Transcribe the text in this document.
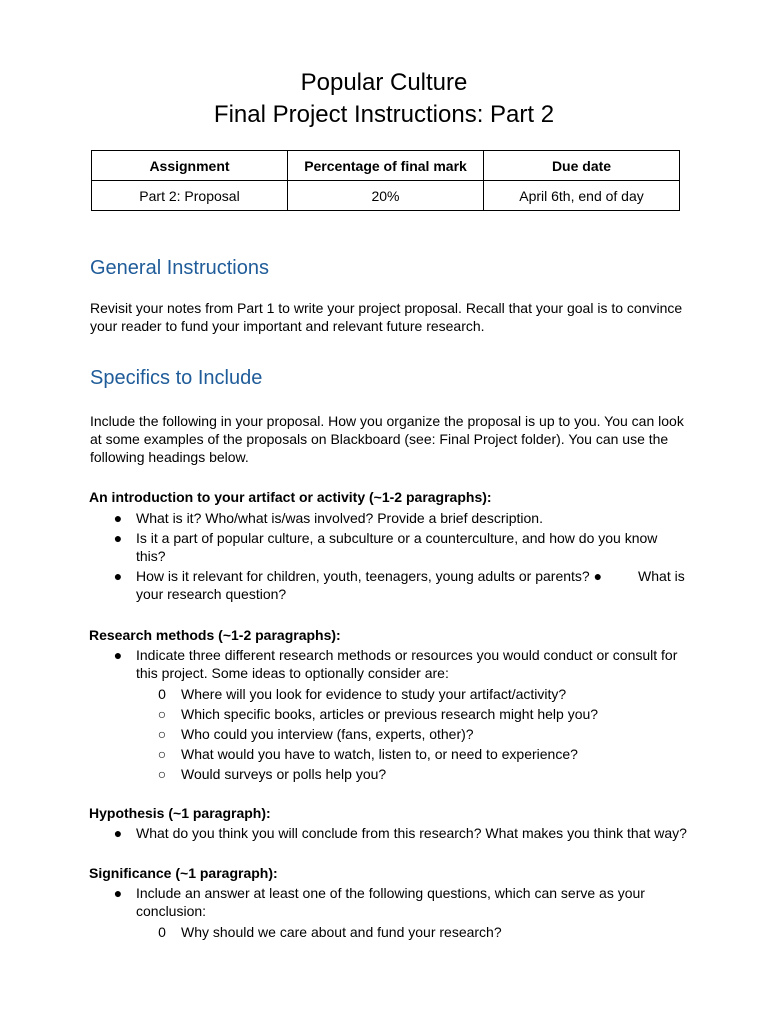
Popular Culture
Final Project Instructions: Part 2
Assignment	Percentage of final mark	Due date
Part 2: Proposal	20%	April 6th, end of day
General Instructions

Revisit your notes from Part 1 to write your project proposal. Recall that your goal is to convince your reader to fund your important and relevant future research.

Specifics to Include

Include the following in your proposal. How you organize the proposal is up to you. You can look at some examples of the proposals on Blackboard (see: Final Project folder). You can use the following headings below.

An introduction to your artifact or activity (~1-2 paragraphs):
● What is it? Who/what is/was involved? Provide a brief description.
● Is it a part of popular culture, a subculture or a counterculture, and how do you know this?
● How is it relevant for children, youth, teenagers, young adults or parents? ●	What is your research question?
Research methods (~1-2 paragraphs):
● Indicate three different research methods or resources you would conduct or consult for this project. Some ideas to optionally consider are:
0 Where will you look for evidence to study your artifact/activity?
○ Which specific books, articles or previous research might help you?
○ Who could you interview (fans, experts, other)?
○ What would you have to watch, listen to, or need to experience?
○ Would surveys or polls help you?
Hypothesis (~1 paragraph):
● What do you think you will conclude from this research? What makes you think that way?
Significance (~1 paragraph):
● Include an answer at least one of the following questions, which can serve as your conclusion:
0 Why should we care about and fund your research?
